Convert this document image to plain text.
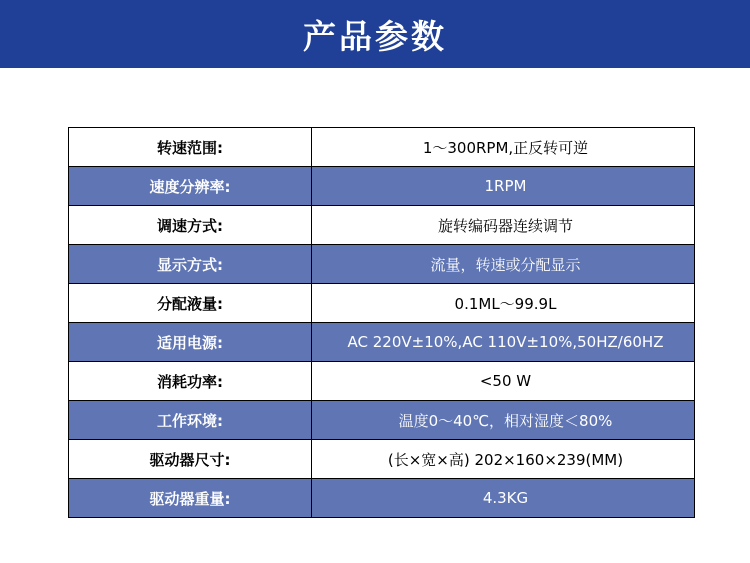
产品参数
转速范围:	1～300RPM,正反转可逆
速度分辨率:	1RPM
调速方式:	旋转编码器连续调节
显示方式:	流量，转速或分配显示
分配液量:	0.1ML～99.9L
适用电源:	AC 220V±10%,AC 110V±10%,50HZ/60HZ
消耗功率:	<50 W
工作环境:	温度0～40℃，相对湿度＜80%
驱动器尺寸:	(长×宽×高) 202×160×239(MM)
驱动器重量:	4.3KG
